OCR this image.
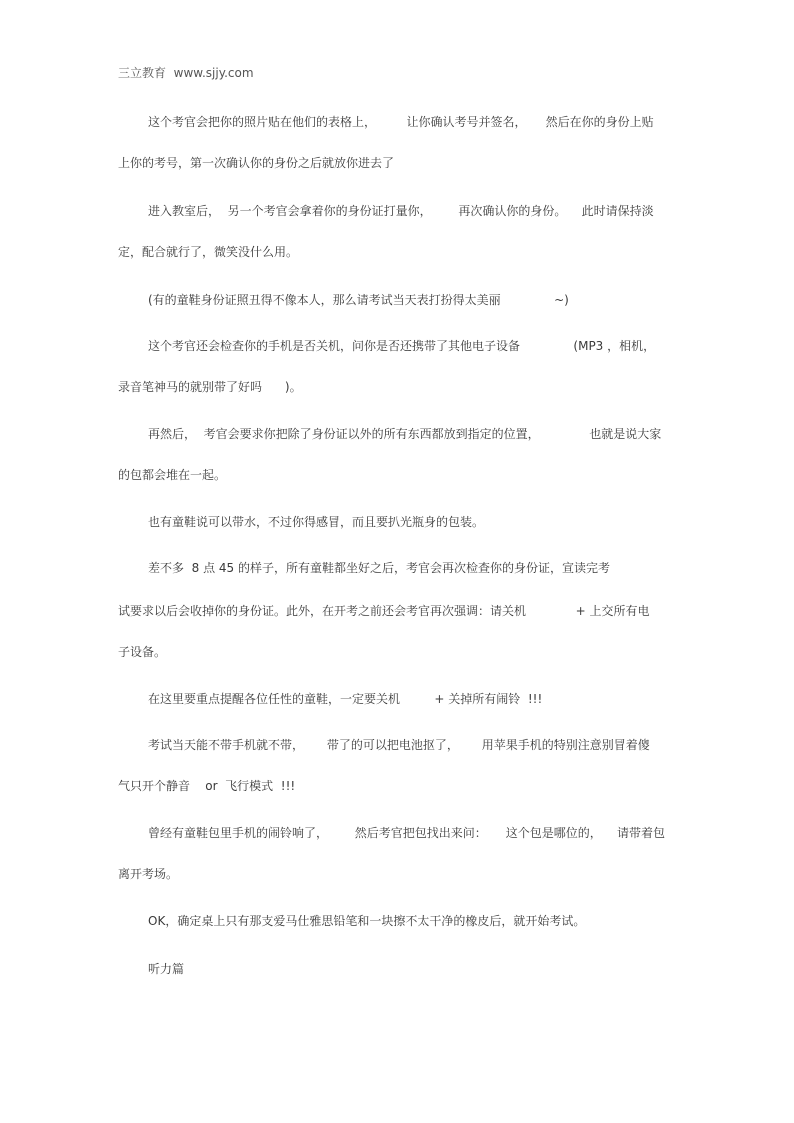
三立教育  www.sjjy.com
这个考官会把你的照片贴在他们的表格上，        让你确认考号并签名，     然后在你的身份上贴
上你的考号，第一次确认你的身份之后就放你进去了
进入教室后，  另一个考官会拿着你的身份证打量你，       再次确认你的身份。    此时请保持淡
定，配合就行了，微笑没什么用。
(有的童鞋身份证照丑得不像本人，那么请考试当天表打扮得太美丽              ~)
这个考官还会检查你的手机是否关机，问你是否还携带了其他电子设备              (MP3 ，相机，
录音笔神马的就别带了好吗      )。
再然后，  考官会要求你把除了身份证以外的所有东西都放到指定的位置，             也就是说大家
的包都会堆在一起。
也有童鞋说可以带水，不过你得感冒，而且要扒光瓶身的包装。
差不多  8 点 45 的样子，所有童鞋都坐好之后，考官会再次检查你的身份证，宣读完考
试要求以后会收掉你的身份证。此外，在开考之前还会考官再次强调：请关机             + 上交所有电
子设备。
在这里要重点提醒各位任性的童鞋，一定要关机         + 关掉所有闹铃  !!!
考试当天能不带手机就不带，      带了的可以把电池抠了，      用苹果手机的特别注意别冒着傻
气只开个静音    or  飞行模式  !!!
曾经有童鞋包里手机的闹铃响了，       然后考官把包找出来问：     这个包是哪位的，    请带着包
离开考场。
OK，确定桌上只有那支爱马仕雅思铅笔和一块擦不太干净的橡皮后，就开始考试。
听力篇
